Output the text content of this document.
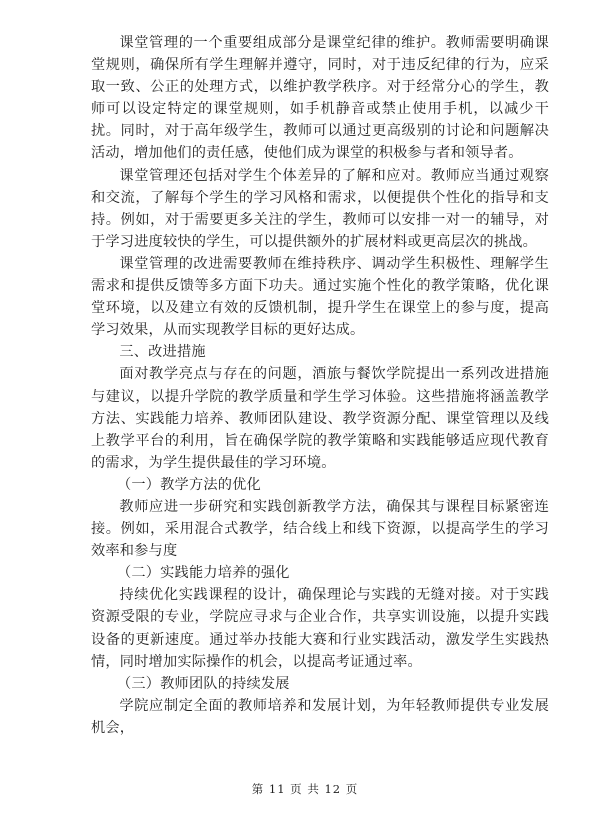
课堂管理的一个重要组成部分是课堂纪律的维护。教师需要明确课堂规则，确保所有学生理解并遵守，同时，对于违反纪律的行为，应采取一致、公正的处理方式，以维护教学秩序。对于经常分心的学生，教师可以设定特定的课堂规则，如手机静音或禁止使用手机，以减少干扰。同时，对于高年级学生，教师可以通过更高级别的讨论和问题解决活动，增加他们的责任感，使他们成为课堂的积极参与者和领导者。

课堂管理还包括对学生个体差异的了解和应对。教师应当通过观察和交流，了解每个学生的学习风格和需求，以便提供个性化的指导和支持。例如，对于需要更多关注的学生，教师可以安排一对一的辅导，对于学习进度较快的学生，可以提供额外的扩展材料或更高层次的挑战。

课堂管理的改进需要教师在维持秩序、调动学生积极性、理解学生需求和提供反馈等多方面下功夫。通过实施个性化的教学策略，优化课堂环境，以及建立有效的反馈机制，提升学生在课堂上的参与度，提高学习效果，从而实现教学目标的更好达成。

三、改进措施

面对教学亮点与存在的问题，酒旅与餐饮学院提出一系列改进措施与建议，以提升学院的教学质量和学生学习体验。这些措施将涵盖教学方法、实践能力培养、教师团队建设、教学资源分配、课堂管理以及线上教学平台的利用，旨在确保学院的教学策略和实践能够适应现代教育的需求，为学生提供最佳的学习环境。

（一）教学方法的优化

教师应进一步研究和实践创新教学方法，确保其与课程目标紧密连接。例如，采用混合式教学，结合线上和线下资源，以提高学生的学习效率和参与度

（二）实践能力培养的强化

持续优化实践课程的设计，确保理论与实践的无缝对接。对于实践资源受限的专业，学院应寻求与企业合作，共享实训设施，以提升实践设备的更新速度。通过举办技能大赛和行业实践活动，激发学生实践热情，同时增加实际操作的机会，以提高考证通过率。

（三）教师团队的持续发展

学院应制定全面的教师培养和发展计划，为年轻教师提供专业发展机会，

第 11 页 共 12 页
